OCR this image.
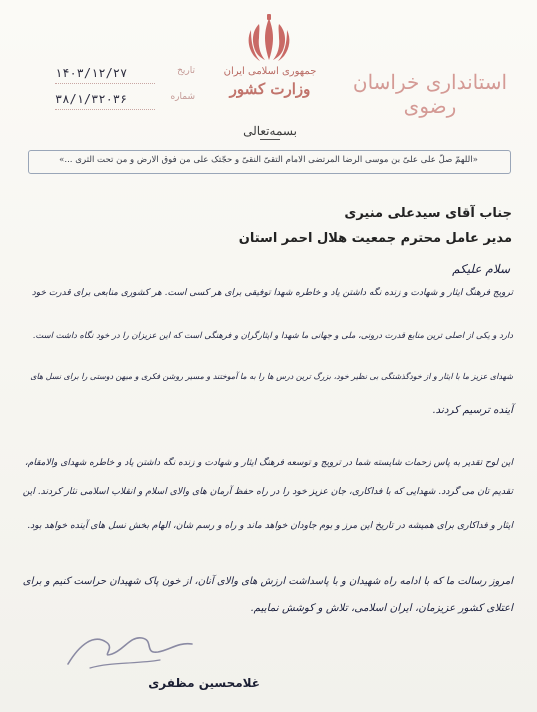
جمهوری اسلامی ایران
وزارت کشور	استانداری خراسان رضوی
تاریخ
۱۴۰۳/۱۲/۲۷
شماره
۳۸/۱/۳۲۰۳۶
بسمه‌تعالی
«اللهمّ صلّ علی علیّ بن موسی الرضا المرتضی الامام التقیّ النقیّ و حجّتک علی من فوق الارض و من تحت الثری ...»
جناب آقای سیدعلی منیری
مدیر عامل محترم جمعیت هلال احمر استان
سلام علیکم
ترویج فرهنگ ایثار و شهادت و زنده نگه داشتن یاد و خاطره شهدا توفیقی برای هر کسی است. هر کشوری منابعی برای قدرت خود
دارد و یکی از اصلی ترین منابع قدرت درونی، ملی و جهانی ما شهدا و ایثارگران و فرهنگی است که این عزیزان را در خود نگاه داشت است.
شهدای عزیز ما با ایثار و از خودگذشتگی بی نظیر خود، بزرگ ترین درس ها را به ما آموختند و مسیر روشن فکری و میهن دوستی را برای نسل های
آینده ترسیم کردند.
این لوح تقدیر به پاس زحمات شایسته شما در ترویج و توسعه فرهنگ ایثار و شهادت و زنده نگه داشتن یاد و خاطره شهدای والامقام،
تقدیم تان می گردد. شهدایی که با فداکاری، جان عزیز خود را در راه حفظ آرمان های والای اسلام و انقلاب اسلامی نثار کردند. این
ایثار و فداکاری برای همیشه در تاریخ این مرز و بوم جاودان خواهد ماند و راه و رسم شان، الهام بخش نسل های آینده خواهد بود.
امروز رسالت ما که با ادامه راه شهیدان و با پاسداشت ارزش های والای آنان، از خون پاک شهیدان حراست کنیم و برای
اعتلای کشور عزیزمان، ایران اسلامی، تلاش و کوشش نماییم.
غلامحسین مظفری
